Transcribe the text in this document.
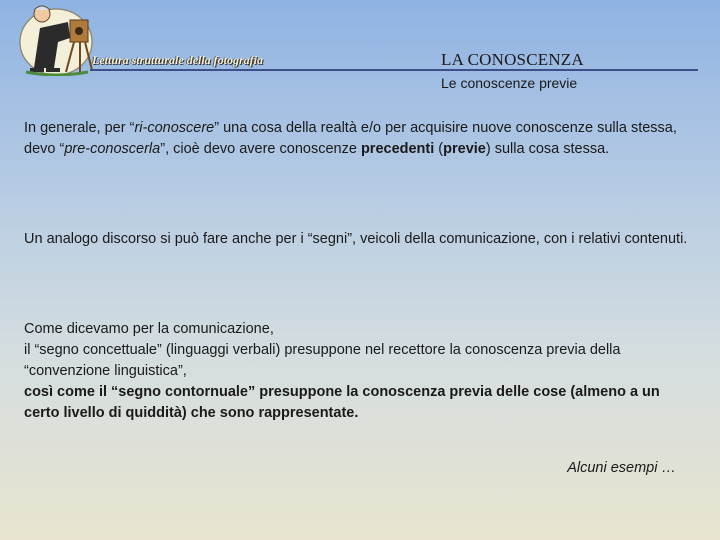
Lettura strutturale della fotografia	LA CONOSCENZA
Le conoscenze previe
In generale, per “ri-conoscere” una cosa della realtà e/o per acquisire nuove conoscenze sulla stessa, devo “pre-conoscerla”, cioè devo avere conoscenze precedenti (previe) sulla cosa stessa.
Un analogo discorso si può fare anche per i “segni”, veicoli della comunicazione, con i relativi contenuti.
Come dicevamo per la comunicazione,
il “segno concettuale” (linguaggi verbali) presuppone nel recettore la conoscenza previa della “convenzione linguistica”,
così come il “segno contornuale” presuppone la conoscenza previa delle cose (almeno a un certo livello di quiddità) che sono rappresentate.
Alcuni esempi …
